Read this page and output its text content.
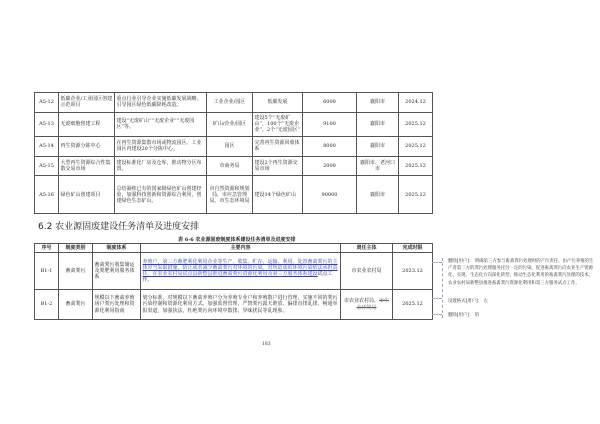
A5-12	低碳企业/工业园区创建示范项目	重点行业引导企业实施低碳发展战略，引导园区绿色低碳降耗改造。	工业企业/园区	低碳发展	6000	襄阳市	2024.12
A5-13	无废细胞创建工程	建设“无废矿山”“无废企业”“无废园区”等。	矿山/企业/园区	建设5个“无废矿山”，100个“无废企业”，2个“无废园区”	9100	襄阳市	2025.12
A5-14	再生资源分拣中心	在再生资源集散市场或物流园区、工业园区内建设20个分拣中心。	园区	完善再生资源回收体系	8000	襄阳市	2025.12
A5-15	大型再生资源综合性集散交易市场	建设标准化厂房及仓库，推动物分区布置。	市商务局	建设2个再生资源交易市场	2000	襄阳市、老河口市	2025.12
A5-16	绿色矿山创建项目	总结凝练已有的国家级绿色矿山创建经验，加强科技创新和资源综合利用，创建绿色生态矿山。	市自然资源和规划局、市应急管理局、市生态环境局	建设14个绿色矿山	90000	襄阳市	2025.12
6.2 农业源固废建设任务清单及进度安排
表 6-6 农业源固废制度体系建设任务清单及进度安排
序号	制度类别	制度体系	主要内容	责任主体	完成时限
B1-1	畜禽粪污	畜禽粪污收集储运及粪肥利用服务体系	养殖户，第三方畜肥利化利用企业等生产、收集、贮存、运输、利用、处置畜禽粪污的主体应当采取措施，防止或者减少畜禽粪污对环境的污染。对所造成的环境污染依法承担责任。在农业农村局试点县新整县推进畜禽粪污资源化利用及第三方服务体系建设试点工作。	市农业农村局	2023.12
B1-2	畜禽粪污	规模以下畜禽养殖场户粪污处理和资源化利用指南	划分标准，对规模以下畜禽养殖户分为养殖专业户和养殖散户进行管理，实施不同的粪污污染控制和资源化利用方式。加强监督管理，严禁粪污露天堆放、偏排直排乱排，畅通举报渠道，加强执法，杜绝粪污向环境中散排、异味扰民等乱现象。	市农业农村局、市生态环境局	2025.12
183
删除[用户]： 明确第三方参与畜禽粪污处理时的产污责任，由产污养殖的生产者第三方的粪污处理服务托付一定的污染，促进畜禽粪污向农业生产资源化、实现、生态化方向深化转型，推动生态化利用的畜禽粪污处理的技术。农业农村局新整县推进畜禽粪污资源化利用和第三方服务试点工作。
设置格式[用户]： 左
删除[用户]： 的
